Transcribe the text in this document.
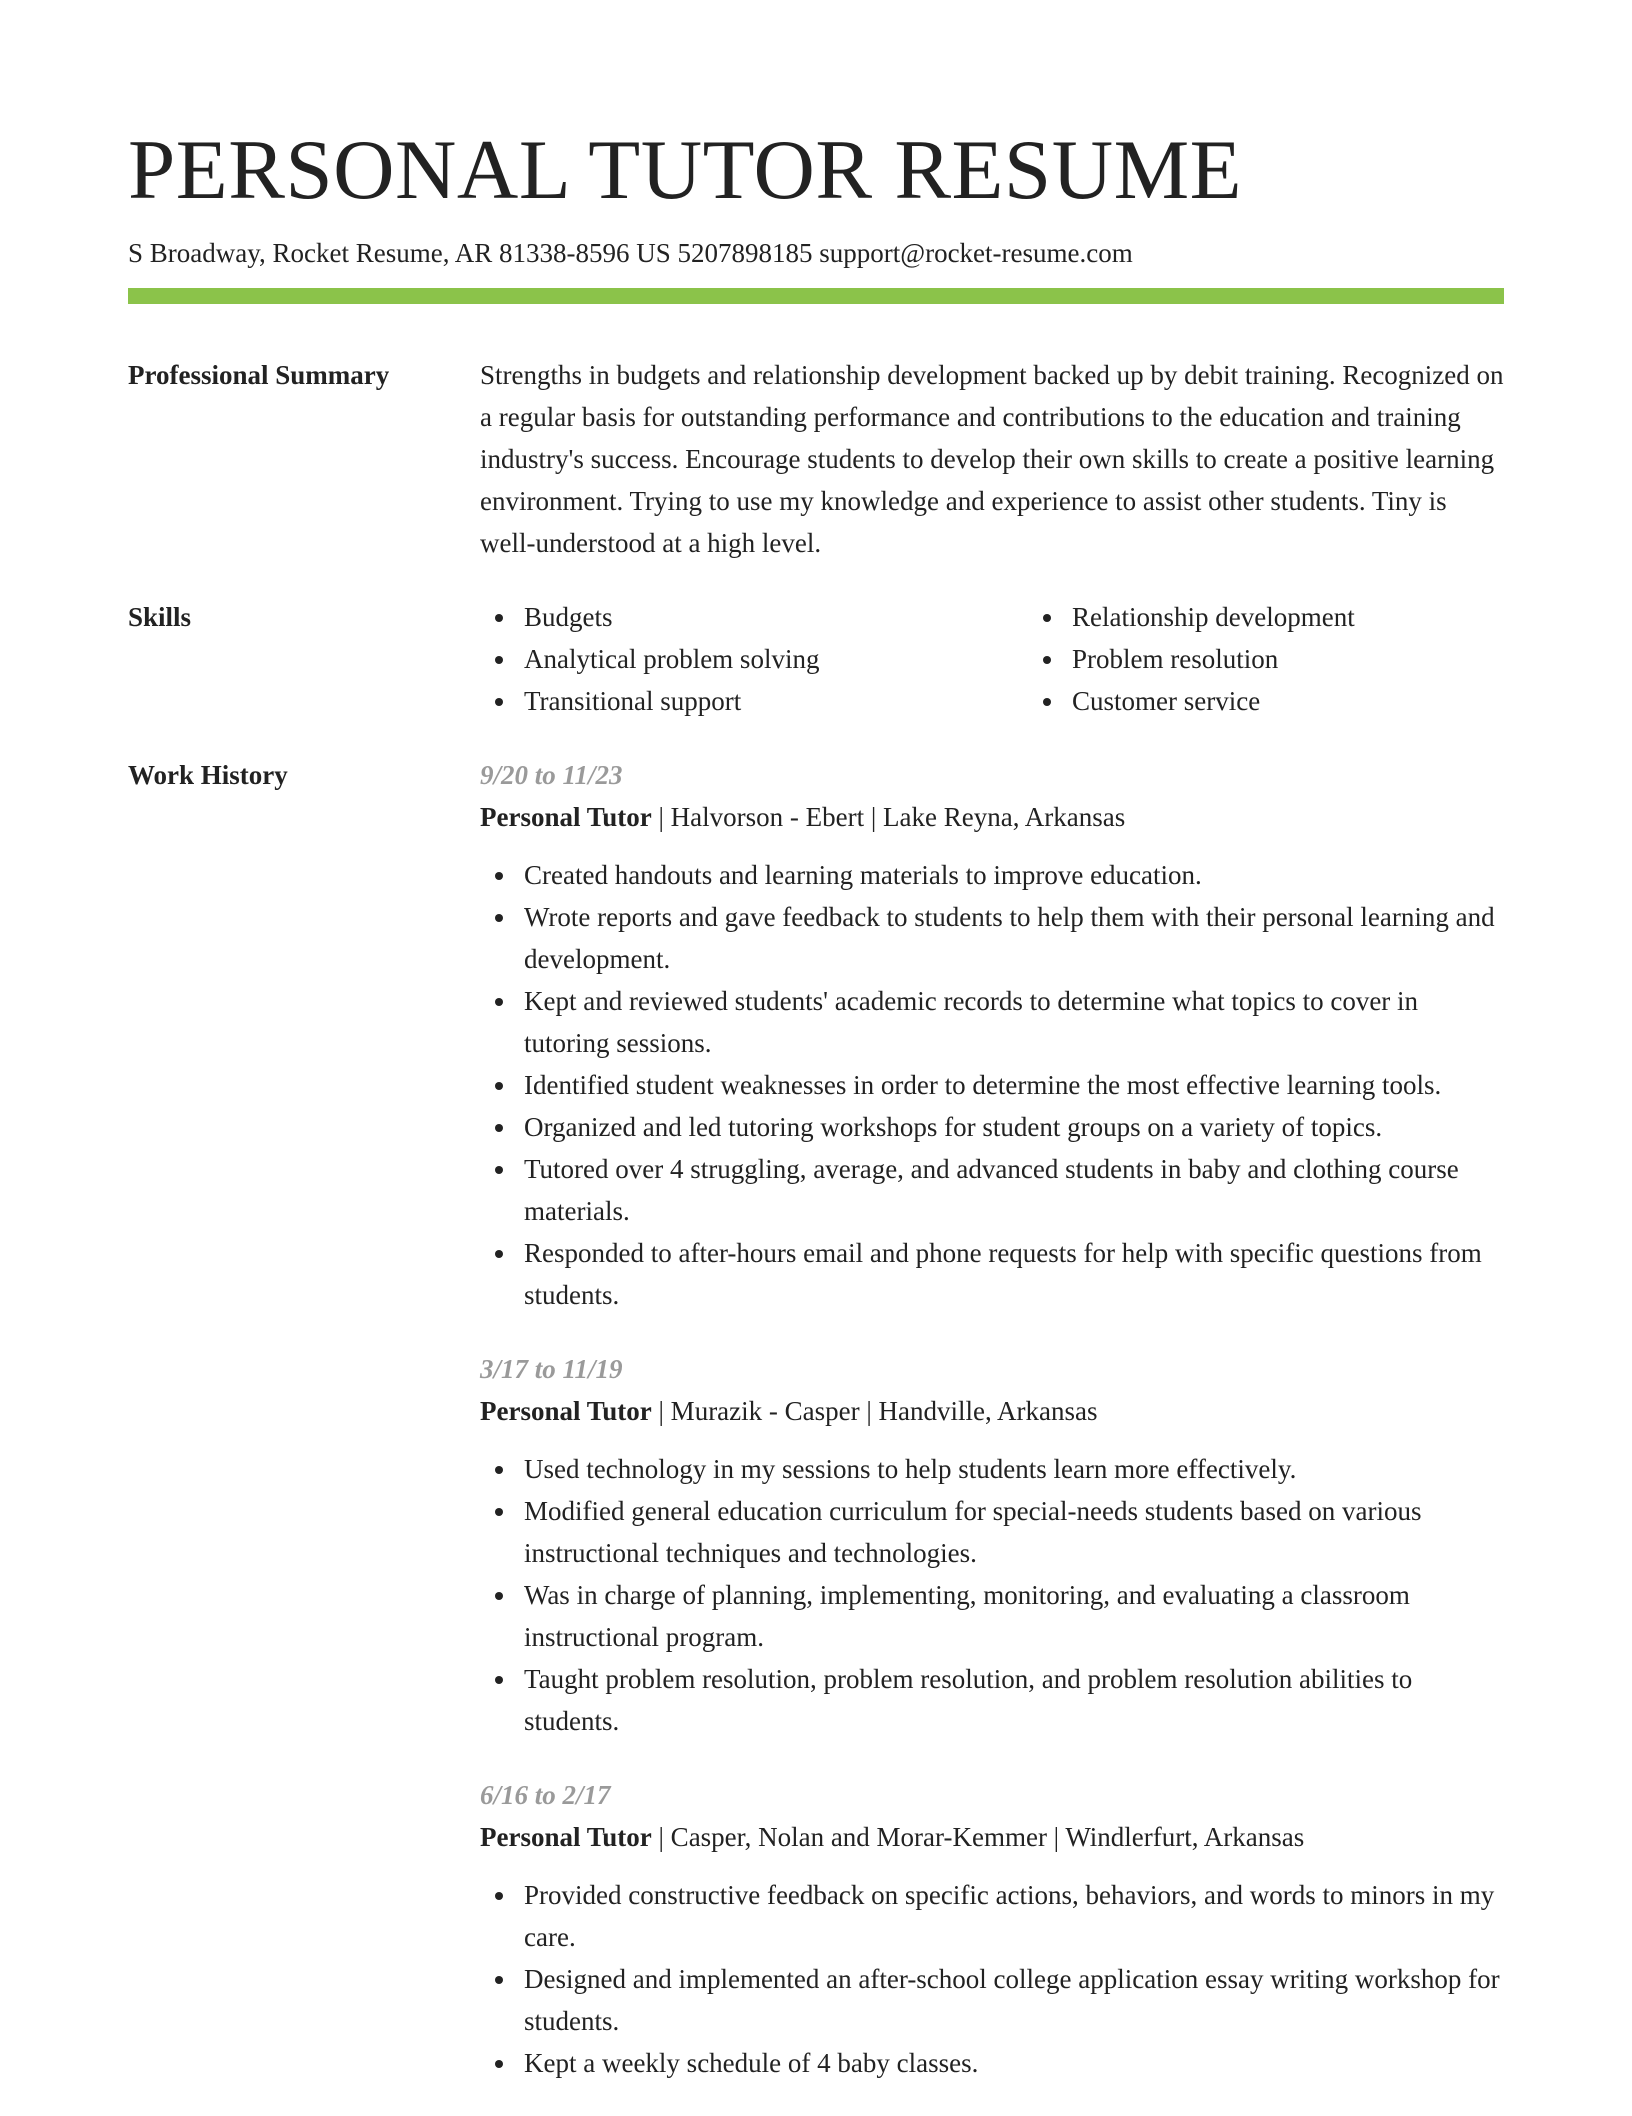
PERSONAL TUTOR RESUME
S Broadway, Rocket Resume, AR 81338-8596 US 5207898185 support@rocket-resume.com
Professional Summary	Strengths in budgets and relationship development backed up by debit training. Recognized on a regular basis for outstanding performance and contributions to the education and training industry's success. Encourage students to develop their own skills to create a positive learning environment. Trying to use my knowledge and experience to assist other students. Tiny is well-understood at a high level.

Skills	Budgets
Analytical problem solving
Transitional support
Relationship development
Problem resolution
Customer service
Work History	9/20 to 11/23
Personal Tutor | Halvorson - Ebert | Lake Reyna, Arkansas
Created handouts and learning materials to improve education.
Wrote reports and gave feedback to students to help them with their personal learning and development.
Kept and reviewed students' academic records to determine what topics to cover in tutoring sessions.
Identified student weaknesses in order to determine the most effective learning tools.
Organized and led tutoring workshops for student groups on a variety of topics.
Tutored over 4 struggling, average, and advanced students in baby and clothing course materials.
Responded to after-hours email and phone requests for help with specific questions from students.
3/17 to 11/19
Personal Tutor | Murazik - Casper | Handville, Arkansas
Used technology in my sessions to help students learn more effectively.
Modified general education curriculum for special-needs students based on various instructional techniques and technologies.
Was in charge of planning, implementing, monitoring, and evaluating a classroom instructional program.
Taught problem resolution, problem resolution, and problem resolution abilities to students.
6/16 to 2/17
Personal Tutor | Casper, Nolan and Morar-Kemmer | Windlerfurt, Arkansas
Provided constructive feedback on specific actions, behaviors, and words to minors in my care.
Designed and implemented an after-school college application essay writing workshop for students.
Kept a weekly schedule of 4 baby classes.
